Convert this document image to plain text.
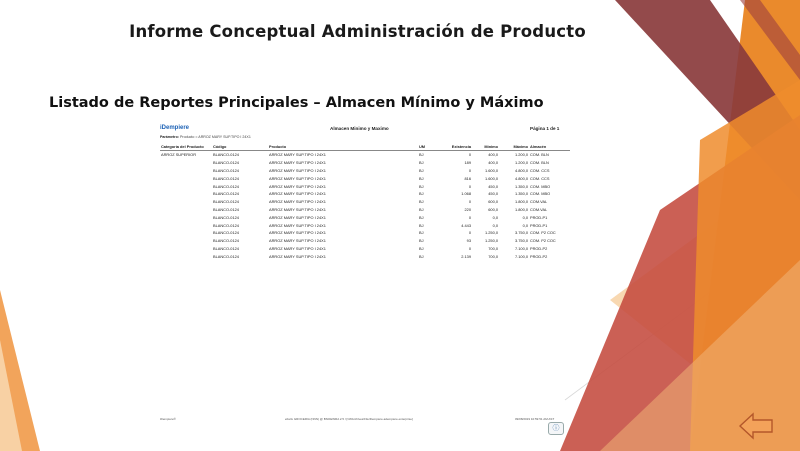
Informe Conceptual Administración de Producto
Listado de Reportes Principales – Almacen Mínimo y Máximo
iDempiere	Almacen Minimo y Maximo	Página 1 de 1
Parámetro: Producto = ARROZ MARY SUP.TIPO I 24X1
Categoría del Producto	Código	Producto	UM	Existencia	Mínimo	Máximo	Almacén
ARROZ SUPERIOR	BLANCO-0124	ARROZ MARY SUP.TIPO I 24X1	BJ	0	400,0	1.200,0	COM. BLN
	BLANCO-0124	ARROZ MARY SUP.TIPO I 24X1	BJ	189	400,0	1.200,0	COM. BLN
	BLANCO-0124	ARROZ MARY SUP.TIPO I 24X1	BJ	0	1.600,0	4.800,0	COM. CCS
	BLANCO-0124	ARROZ MARY SUP.TIPO I 24X1	BJ	816	1.600,0	4.800,0	COM. CCS
	BLANCO-0124	ARROZ MARY SUP.TIPO I 24X1	BJ	0	450,0	1.350,0	COM. MBO
	BLANCO-0124	ARROZ MARY SUP.TIPO I 24X1	BJ	1.068	450,0	1.350,0	COM. MBO
	BLANCO-0124	ARROZ MARY SUP.TIPO I 24X1	BJ	0	600,0	1.800,0	COM.VAL
	BLANCO-0124	ARROZ MARY SUP.TIPO I 24X1	BJ	220	600,0	1.800,0	COM.VAL
	BLANCO-0124	ARROZ MARY SUP.TIPO I 24X1	BJ	0	0,0	0,0	PROD-P1
	BLANCO-0124	ARROZ MARY SUP.TIPO I 24X1	BJ	4.443	0,0	0,0	PROD-P1
	BLANCO-0124	ARROZ MARY SUP.TIPO I 24X1	BJ	0	1.250,0	3.750,0	COM. P2 COC
	BLANCO-0124	ARROZ MARY SUP.TIPO I 24X1	BJ	93	1.250,0	3.750,0	COM. P2 COC
	BLANCO-0124	ARROZ MARY SUP.TIPO I 24X1	BJ	0	700,0	7.100,0	PROD-P2
	BLANCO-0124	ARROZ MARY SUP.TIPO I 24X1	BJ	2.139	700,0	7.100,0	PROD-P2
iDempiere®	eFelix GROCERIA (NNN) @ BNOEWRA 2.5 / [\/WArchives/File/Dempiere.adempiere.enterprise]	09/08/2019 10:59:51 AM AST
ⓘ
